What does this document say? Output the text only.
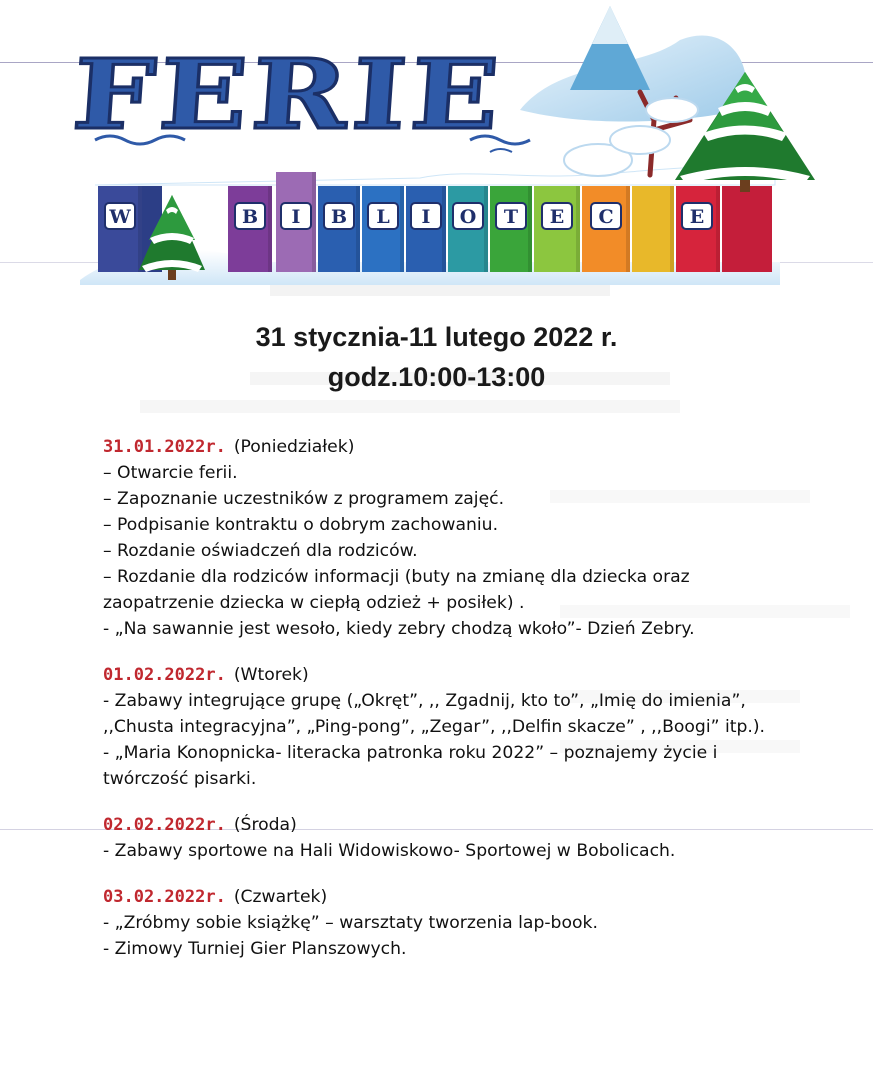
FERIE
W	B I B L I O T E C	E
31 stycznia-11 lutego 2022 r.
godz.10:00-13:00
31.01.2022r. (Poniedziałek)
– Otwarcie ferii.
– Zapoznanie uczestników z programem zajęć.
– Podpisanie kontraktu o dobrym zachowaniu.
– Rozdanie oświadczeń dla rodziców.
– Rozdanie dla rodziców informacji (buty na zmianę dla dziecka oraz zaopatrzenie dziecka w ciepłą odzież + posiłek) .
- „Na sawannie jest wesoło, kiedy zebry chodzą wkoło”- Dzień Zebry.
01.02.2022r. (Wtorek)
- Zabawy integrujące grupę („Okręt”, ,, Zgadnij, kto to”, „Imię do imienia”, ,,Chusta integracyjna”, „Ping-pong”, „Zegar”, ,,Delfin skacze” , ,,Boogi” itp.).
- „Maria Konopnicka- literacka patronka roku 2022” – poznajemy życie i twórczość pisarki.
02.02.2022r. (Środa)
- Zabawy sportowe na Hali Widowiskowo- Sportowej w Bobolicach.
03.02.2022r. (Czwartek)
- „Zróbmy sobie książkę” – warsztaty tworzenia lap-book.
- Zimowy Turniej Gier Planszowych.
